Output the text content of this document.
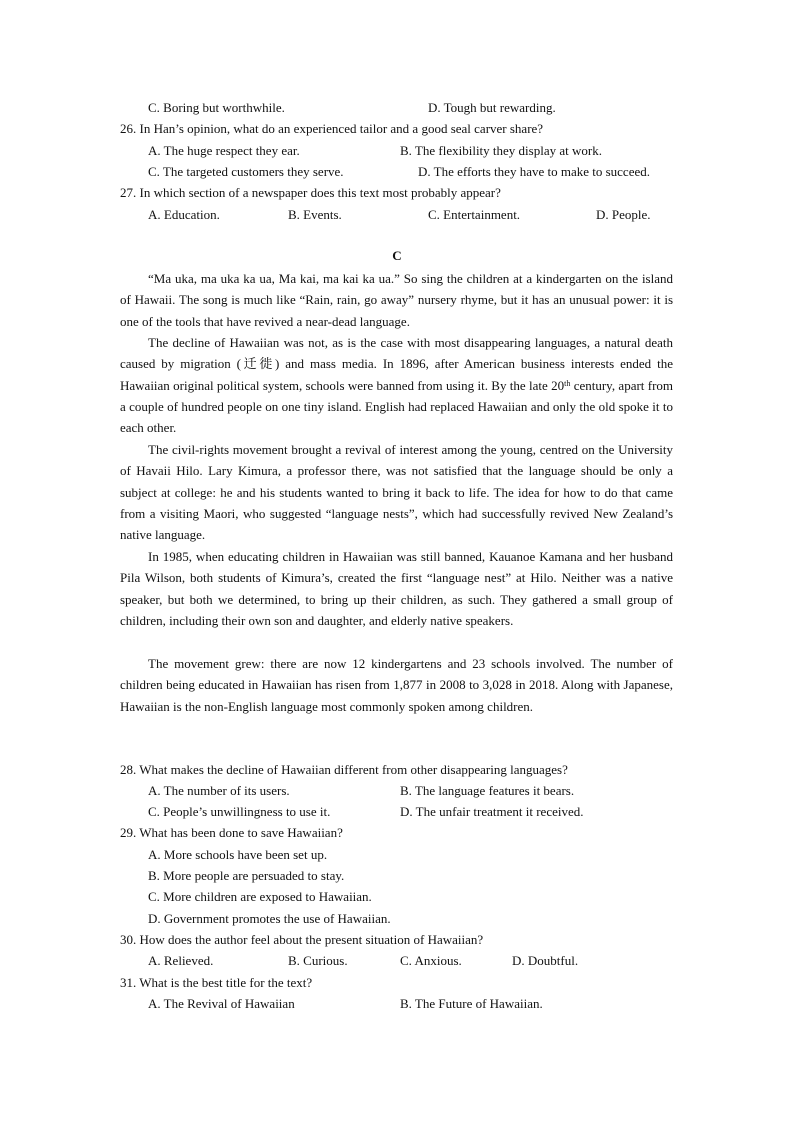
C. Boring but worthwhile.	D. Tough but rewarding.
26. In Han’s opinion, what do an experienced tailor and a good seal carver share?
A. The huge respect they ear.	B. The flexibility they display at work.
C. The targeted customers they serve.	D. The efforts they have to make to succeed.
27. In which section of a newspaper does this text most probably appear?
A. Education.	B. Events.	C. Entertainment.	D. People.
C
“Ma uka, ma uka ka ua, Ma kai, ma kai ka ua.” So sing the children at a kindergarten on the island of Hawaii. The song is much like “Rain, rain, go away” nursery rhyme, but it has an unusual power: it is one of the tools that have revived a near-dead language.
The decline of Hawaiian was not, as is the case with most disappearing languages, a natural death caused by migration (迁徙) and mass media. In 1896, after American business interests ended the Hawaiian original political system, schools were banned from using it. By the late 20th century, apart from a couple of hundred people on one tiny island. English had replaced Hawaiian and only the old spoke it to each other.
The civil-rights movement brought a revival of interest among the young, centred on the University of Havaii Hilo. Lary Kimura, a professor there, was not satisfied that the language should be only a subject at college: he and his students wanted to bring it back to life. The idea for how to do that came from a visiting Maori, who suggested “language nests”, which had successfully revived New Zealand’s native language.
In 1985, when educating children in Hawaiian was still banned, Kauanoe Kamana and her husband Pila Wilson, both students of Kimura’s, created the first “language nest” at Hilo. Neither was a native speaker, but both we determined, to bring up their children, as such. They gathered a small group of children, including their own son and daughter, and elderly native speakers.
The movement grew: there are now 12 kindergartens and 23 schools involved. The number of children being educated in Hawaiian has risen from 1,877 in 2008 to 3,028 in 2018. Along with Japanese, Hawaiian is the non-English language most commonly spoken among children.
28. What makes the decline of Hawaiian different from other disappearing languages?
A. The number of its users.	B. The language features it bears.
C. People’s unwillingness to use it.	D. The unfair treatment it received.
29. What has been done to save Hawaiian?
A. More schools have been set up.
B. More people are persuaded to stay.
C. More children are exposed to Hawaiian.
D. Government promotes the use of Hawaiian.
30. How does the author feel about the present situation of Hawaiian?
A. Relieved.	B. Curious.	C. Anxious.	D. Doubtful.
31. What is the best title for the text?
A. The Revival of Hawaiian	B. The Future of Hawaiian.
